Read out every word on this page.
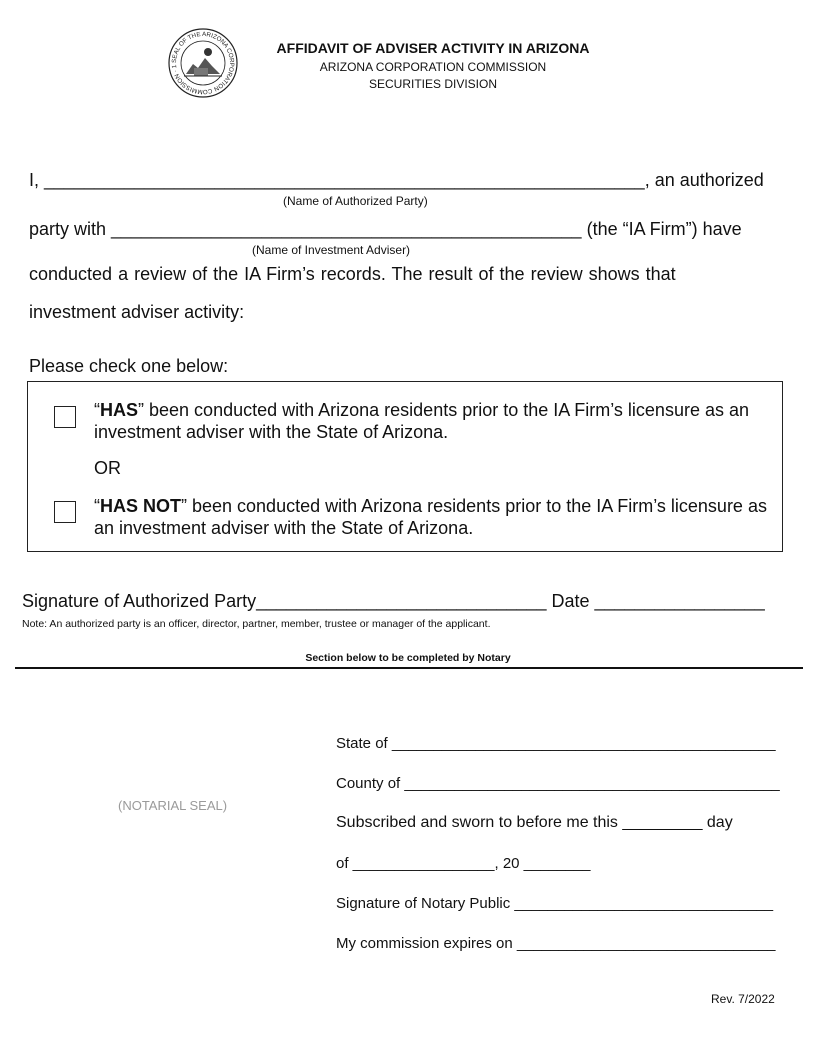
SEAL OF THE ARIZONA CORPORATION COMMISSION · 1
AFFIDAVIT OF ADVISER ACTIVITY IN ARIZONA
ARIZONA CORPORATION COMMISSION
SECURITIES DIVISION
I, ____________________________________________________________, an authorized
(Name of Authorized Party)
party with _______________________________________________ (the “IA Firm”) have
(Name of Investment Adviser)
conducted a review of the IA Firm’s records. The result of the review shows that
investment adviser activity:
Please check one below:
“HAS” been conducted with Arizona residents prior to the IA Firm’s licensure as an investment adviser with the State of Arizona.
OR
“HAS NOT” been conducted with Arizona residents prior to the IA Firm’s licensure as an investment adviser with the State of Arizona.
Signature of Authorized Party_____________________________ Date _________________
Note: An authorized party is an officer, director, partner, member, trustee or manager of the applicant.
Section below to be completed by Notary
(NOTARIAL SEAL)
State of ______________________________________________
County of _____________________________________________
Subscribed and sworn to before me this _________ day
of _________________, 20 ________
Signature of Notary Public _______________________________
My commission expires on _______________________________
Rev. 7/2022
